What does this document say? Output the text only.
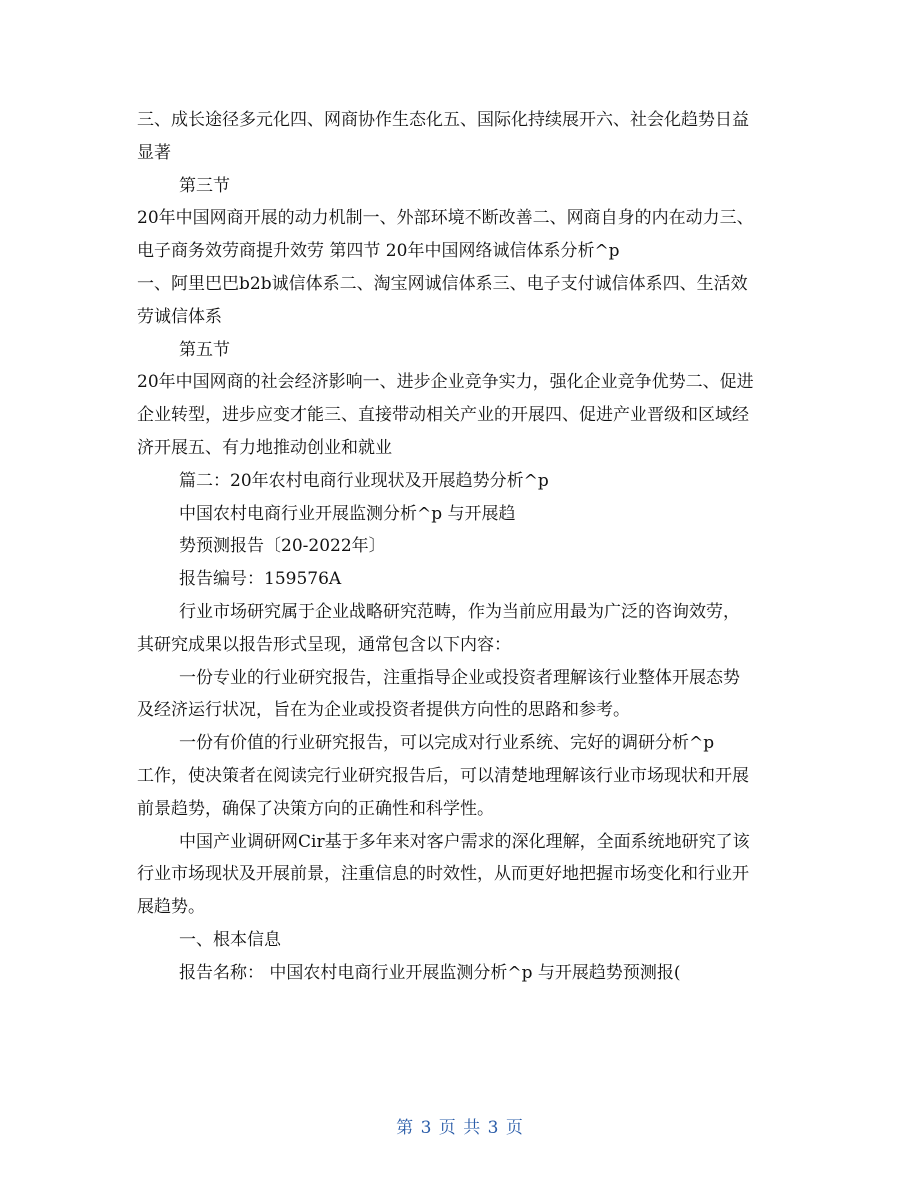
三、成长途径多元化四、网商协作生态化五、国际化持续展开六、社会化趋势日益
显著
第三节
20年中国网商开展的动力机制一、外部环境不断改善二、网商自身的内在动力三、
电子商务效劳商提升效劳 第四节 20年中国网络诚信体系分析^p
一、阿里巴巴b2b诚信体系二、淘宝网诚信体系三、电子支付诚信体系四、生活效
劳诚信体系
第五节
20年中国网商的社会经济影响一、进步企业竞争实力，强化企业竞争优势二、促进
企业转型，进步应变才能三、直接带动相关产业的开展四、促进产业晋级和区域经
济开展五、有力地推动创业和就业
篇二：20年农村电商行业现状及开展趋势分析^p
中国农村电商行业开展监测分析^p 与开展趋
势预测报告〔20-2022年〕
报告编号：159576A
行业市场研究属于企业战略研究范畴，作为当前应用最为广泛的咨询效劳，
其研究成果以报告形式呈现，通常包含以下内容：
一份专业的行业研究报告，注重指导企业或投资者理解该行业整体开展态势
及经济运行状况，旨在为企业或投资者提供方向性的思路和参考。
一份有价值的行业研究报告，可以完成对行业系统、完好的调研分析^p
工作，使决策者在阅读完行业研究报告后，可以清楚地理解该行业市场现状和开展
前景趋势，确保了决策方向的正确性和科学性。
中国产业调研网Cir基于多年来对客户需求的深化理解，全面系统地研究了该
行业市场现状及开展前景，注重信息的时效性，从而更好地把握市场变化和行业开
展趋势。
一、根本信息
报告名称： 中国农村电商行业开展监测分析^p 与开展趋势预测报(
第 3 页 共 3 页
